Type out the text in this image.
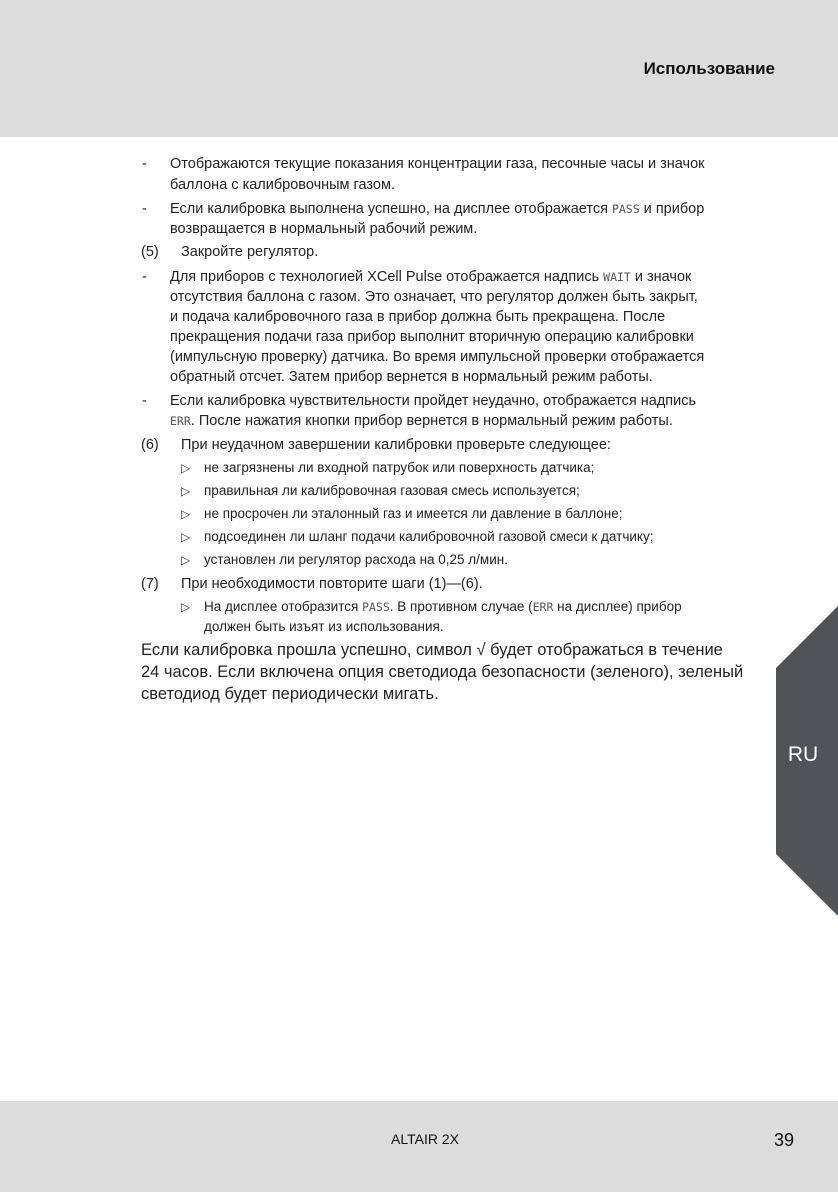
Использование
RU
- Отображаются текущие показания концентрации газа, песочные часы и значок
баллона с калибровочным газом.
- Если калибровка выполнена успешно, на дисплее отображается PASS и прибор
возвращается в нормальный рабочий режим.
(5) Закройте регулятор.
- Для приборов с технологией XCell Pulse отображается надпись WAIT и значок
отсутствия баллона с газом. Это означает, что регулятор должен быть закрыт,
и подача калибровочного газа в прибор должна быть прекращена. После
прекращения подачи газа прибор выполнит вторичную операцию калибровки
(импульсную проверку) датчика. Во время импульсной проверки отображается
обратный отсчет. Затем прибор вернется в нормальный режим работы.
- Если калибровка чувствительности пройдет неудачно, отображается надпись
ERR. После нажатия кнопки прибор вернется в нормальный режим работы.
(6) При неудачном завершении калибровки проверьте следующее:
▷ не загрязнены ли входной патрубок или поверхность датчика;
▷ правильная ли калибровочная газовая смесь используется;
▷ не просрочен ли эталонный газ и имеется ли давление в баллоне;
▷ подсоединен ли шланг подачи калибровочной газовой смеси к датчику;
▷ установлен ли регулятор расхода на 0,25 л/мин.
(7) При необходимости повторите шаги (1)—(6).
▷ На дисплее отобразится PASS. В противном случае (ERR на дисплее) прибор
должен быть изъят из использования.
Если калибровка прошла успешно, символ √ будет отображаться в течение
24 часов. Если включена опция светодиода безопасности (зеленого), зеленый
светодиод будет периодически мигать.
ALTAIR 2X	39
